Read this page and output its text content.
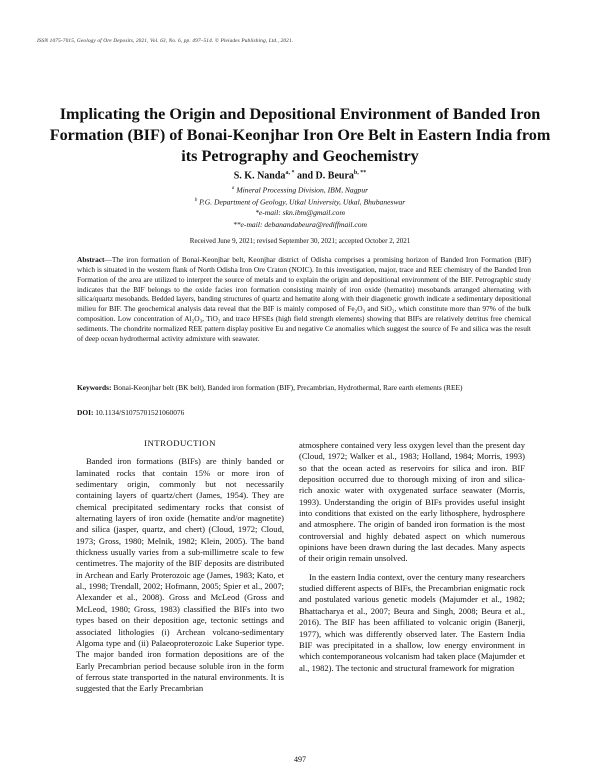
ISSN 1075-7015, Geology of Ore Deposits, 2021, Vol. 63, No. 6, pp. 497–514. © Pleiades Publishing, Ltd., 2021.
Implicating the Origin and Depositional Environment of Banded Iron Formation (BIF) of Bonai-Keonjhar Iron Ore Belt in Eastern India from its Petrography and Geochemistry
S. K. Nanda$^{a, *}$ and D. Beura$^{b, **}$
$^a$ Mineral Processing Division, IBM, Nagpur
$^b$ P.G. Department of Geology, Utkal University, Utkal, Bhubaneswar
*e-mail: skn.ibm@gmail.com
**e-mail: debanandabeura@rediffmail.com
Received June 9, 2021; revised September 30, 2021; accepted October 2, 2021
Abstract—The iron formation of Bonai-Keonjhar belt, Keonjhar district of Odisha comprises a promising horizon of Banded Iron Formation (BIF) which is situated in the western flank of North Odisha Iron Ore Craton (NOIC). In this investigation, major, trace and REE chemistry of the Banded Iron Formation of the area are utilized to interpret the source of metals and to explain the origin and depositional environment of the BIF. Petrographic study indicates that the BIF belongs to the oxide facies iron formation consisting mainly of iron oxide (hematite) mesobands arranged alternating with silica/quartz mesobands. Bedded layers, banding structures of quartz and hematite along with their diagenetic growth indicate a sedimentary depositional milieu for BIF. The geochemical analysis data reveal that the BIF is mainly composed of Fe₂O₃ and SiO₂, which constitute more than 97% of the bulk composition. Low concentration of Al₂O₃, TiO₂ and trace HFSEs (high field strength elements) showing that BIFs are relatively detritus free chemical sediments. The chondrite normalized REE pattern display positive Eu and negative Ce anomalies which suggest the source of Fe and silica was the result of deep ocean hydrothermal activity admixture with seawater.
Keywords: Bonai-Keonjhar belt (BK belt), Banded iron formation (BIF), Precambrian, Hydrothermal, Rare earth elements (REE)
DOI: 10.1134/S1075701521060076
INTRODUCTION

Banded iron formations (BIFs) are thinly banded or laminated rocks that contain 15% or more iron of sedimentary origin, commonly but not necessarily containing layers of quartz/chert (James, 1954). They are chemical precipitated sedimentary rocks that consist of alternating layers of iron oxide (hematite and/or magnetite) and silica (jasper, quartz, and chert) (Cloud, 1972; Cloud, 1973; Gross, 1980; Melnik, 1982; Klein, 2005). The band thickness usually varies from a sub-millimetre scale to few centimetres. The majority of the BIF deposits are distributed in Archean and Early Proterozoic age (James, 1983; Kato, et al., 1998; Trendall, 2002; Hofmann, 2005; Spier et al., 2007; Alexander et al., 2008). Gross and McLeod (Gross and McLeod, 1980; Gross, 1983) classified the BIFs into two types based on their deposition age, tectonic settings and associated lithologies (i) Archean volcano-sedimentary Algoma type and (ii) Palaeoproterozoic Lake Superior type. The major banded iron formation depositions are of the Early Precambrian period because soluble iron in the form of ferrous state transported in the natural environments. It is suggested that the Early Precambrian

atmosphere contained very less oxygen level than the present day (Cloud, 1972; Walker et al., 1983; Holland, 1984; Morris, 1993) so that the ocean acted as reservoirs for silica and iron. BIF deposition occurred due to thorough mixing of iron and silica-rich anoxic water with oxygenated surface seawater (Morris, 1993). Understanding the origin of BIFs provides useful insight into conditions that existed on the early lithosphere, hydrosphere and atmosphere. The origin of banded iron formation is the most controversial and highly debated aspect on which numerous opinions have been drawn during the last decades. Many aspects of their origin remain unsolved.

In the eastern India context, over the century many researchers studied different aspects of BIFs, the Precambrian enigmatic rock and postulated various genetic models (Majumder et al., 1982; Bhattacharya et al., 2007; Beura and Singh, 2008; Beura et al., 2016). The BIF has been affiliated to volcanic origin (Banerji, 1977), which was differently observed later. The Eastern India BIF was precipitated in a shallow, low energy environment in which contemporaneous volcanism had taken place (Majumder et al., 1982). The tectonic and structural framework for migration

497
